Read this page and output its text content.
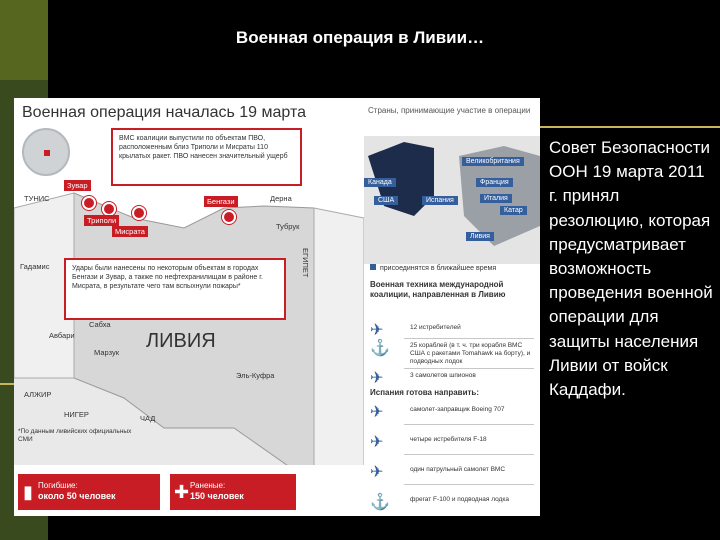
Военная операция в Ливии…
Военная операция началась 19 марта
ВМС коалиции выпустили по объектам ПВО, расположенным близ Триполи и Мисраты 110 крылатых ракет. ПВО нанесен значительный ущерб
Удары были нанесены по некоторым объектам в городах Бенгази и Зувар, а также по нефтехранилищам в районе г. Мисрата, в результате чего там вспыхнули пожары*
Зувар
Триполи
Мисрата
Бенгази
ТУНИС	Дерна
Тубрук
Гадамис
Сабха
Авбари
Марзук
Эль-Куфра
АЛЖИР
НИГЕР	ЧАД
ЕГИПЕТ
ЛИВИЯ
*По данным ливийских официальных СМИ
▮ Погибшие:
около 50 человек	✚ Раненые:
150 человек
Страны, принимающие участие в операции
Великобритания
Канада	Франция
США	Испания	Италия
Катар
Ливия
присоединятся в ближайшее время
Военная техника международной коалиции, направленная в Ливию
✈	12 истребителей
⚓	25 кораблей (в т. ч. три корабля ВМС США с ракетами Tomahawk на борту), и подводных лодок
✈	3 самолетов шпионов
Испания готова направить:
✈	самолет-заправщик Boeing 707
✈	четыре истребителя F-18
✈	один патрульный самолет ВМС
⚓	фрегат F-100 и подводная лодка
Совет Безопасности ООН 19 марта 2011 г. принял резолюцию, которая предусматривает возможность проведения военной операции для защиты населения Ливии от войск Каддафи.
